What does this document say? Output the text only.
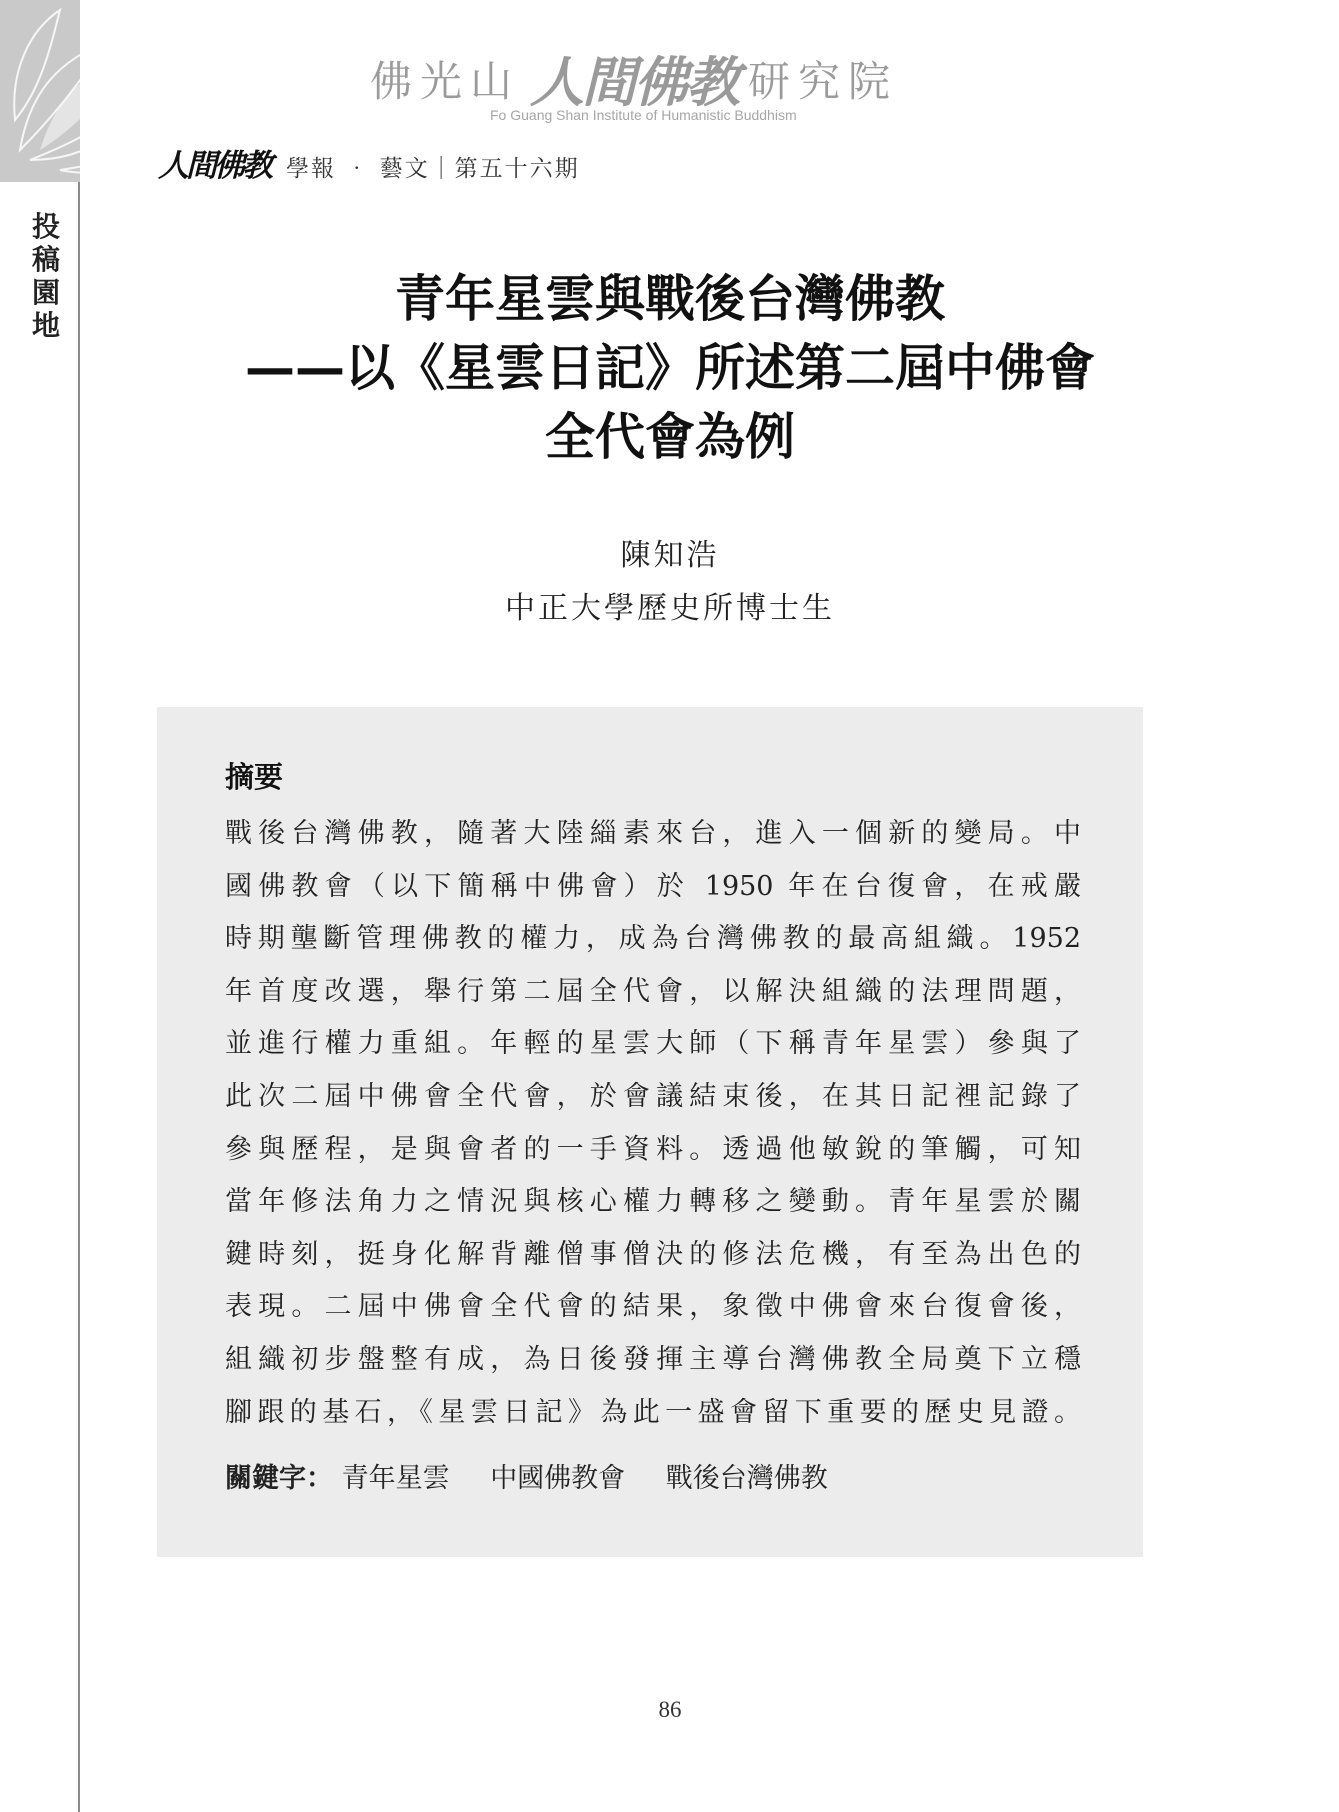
投
稿
園
地
佛光山 人間佛教 研究院
Fo Guang Shan Institute of Humanistic Buddhism
人間佛教 學報 ‧ 藝文｜第五十六期
青年星雲與戰後台灣佛教
——以《星雲日記》所述第二屆中佛會
全代會為例
陳知浩
中正大學歷史所博士生
摘要
戰後台灣佛教，隨著大陸緇素來台，進入一個新的變局。中
國佛教會（以下簡稱中佛會）於 1950 年在台復會，在戒嚴
時期壟斷管理佛教的權力，成為台灣佛教的最高組織。1952
年首度改選，舉行第二屆全代會，以解決組織的法理問題，
並進行權力重組。年輕的星雲大師（下稱青年星雲）參與了
此次二屆中佛會全代會，於會議結束後，在其日記裡記錄了
參與歷程，是與會者的一手資料。透過他敏銳的筆觸，可知
當年修法角力之情況與核心權力轉移之變動。青年星雲於關
鍵時刻，挺身化解背離僧事僧決的修法危機，有至為出色的
表現。二屆中佛會全代會的結果，象徵中佛會來台復會後，
組織初步盤整有成，為日後發揮主導台灣佛教全局奠下立穩
腳跟的基石，《星雲日記》為此一盛會留下重要的歷史見證。
關鍵字： 青年星雲 中國佛教會 戰後台灣佛教
86
